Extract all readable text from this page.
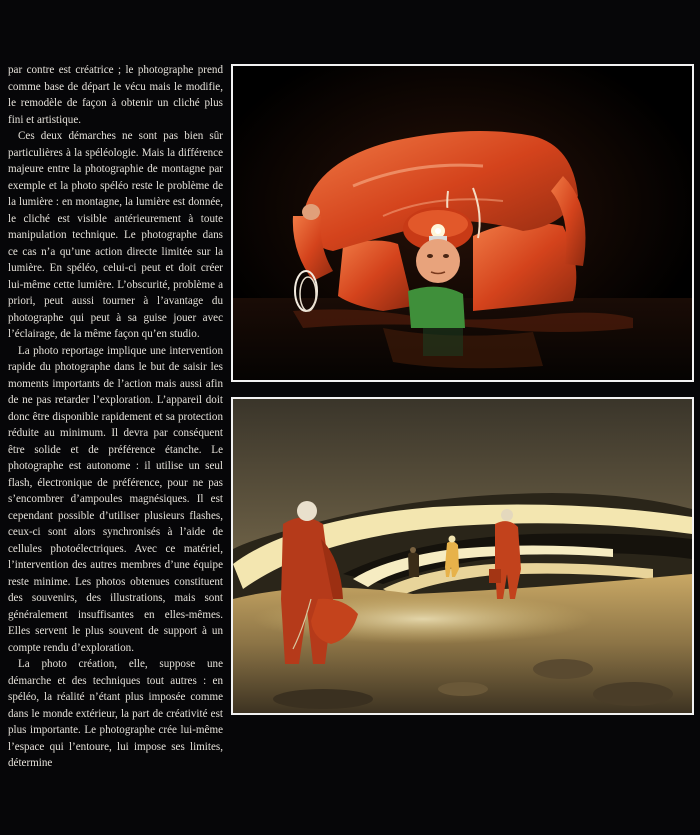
par contre est créatrice ; le photographe prend comme base de départ le vécu mais le modifie, le remodèle de façon à obtenir un cliché plus fini et artistique.

Ces deux démarches ne sont pas bien sûr particulières à la spéléologie. Mais la différence majeure entre la photographie de montagne par exemple et la photo spéléo reste le problème de la lumière : en montagne, la lumière est donnée, le cliché est visible antérieurement à toute manipulation technique. Le photographe dans ce cas n’a qu’une action directe limitée sur la lumière. En spéléo, celui-ci peut et doit créer lui-même cette lumière. L’obscurité, problème a priori, peut aussi tourner à l’avantage du photographe qui peut à sa guise jouer avec l’éclairage, de la même façon qu’en studio.

La photo reportage implique une intervention rapide du photographe dans le but de saisir les moments importants de l’action mais aussi afin de ne pas retarder l’exploration. L’appareil doit donc être disponible rapidement et sa protection réduite au minimum. Il devra par conséquent être solide et de préférence étanche. Le photographe est autonome : il utilise un seul flash, électronique de préférence, pour ne pas s’encombrer d’ampoules magnésiques. Il est cependant possible d’utiliser plusieurs flashes, ceux-ci sont alors synchronisés à l’aide de cellules photoélectriques. Avec ce matériel, l’intervention des autres membres d’une équipe reste minime. Les photos obtenues constituent des souvenirs, des illustrations, mais sont généralement insuffisantes en elles-mêmes. Elles servent le plus souvent de support à un compte rendu d’exploration.

La photo création, elle, suppose une démarche et des techniques tout autres : en spéléo, la réalité n’étant plus imposée comme dans le monde extérieur, la part de créativité est plus importante. Le photographe crée lui-même l’espace qui l’entoure, lui impose ses limites, détermine
